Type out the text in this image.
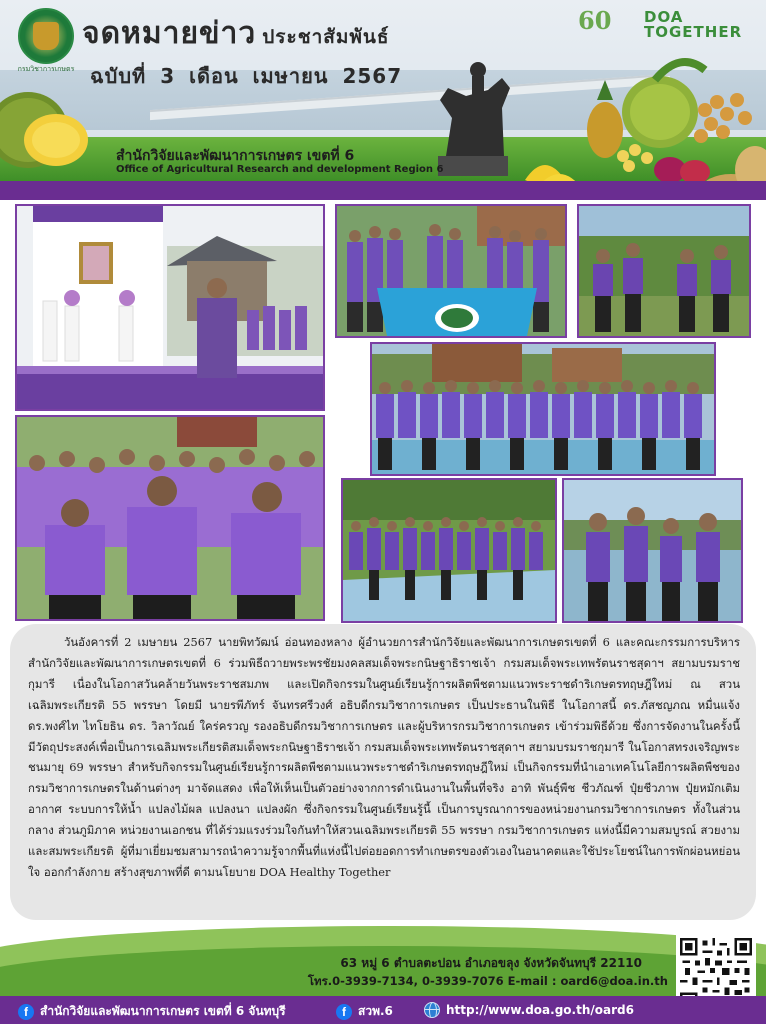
กรมวิชาการเกษตร
จดหมายข่าว ประชาสัมพันธ์
ฉบับที่ 3 เดือน เมษายน 2567
60	DOA
TOGETHER
สำนักวิจัยและพัฒนาการเกษตร เขตที่ 6
Office of Agricultural Research and development Region 6

วันอังคารที่ 2 เมษายน 2567 นายพิทวัฒน์ อ่อนทองหลาง ผู้อำนวยการสำนักวิจัยและพัฒนาการเกษตรเขตที่ 6 และคณะกรรมการบริหารสำนักวิจัยและพัฒนาการเกษตรเขตที่ 6 ร่วมพิธีถวายพระพรชัยมงคลสมเด็จพระกนิษฐาธิราชเจ้า กรมสมเด็จพระเทพรัตนราชสุดาฯ สยามบรมราชกุมารี เนื่องในโอกาสวันคล้ายวันพระราชสมภพ และเปิดกิจกรรมในศูนย์เรียนรู้การผลิตพืชตามแนวพระราชดำริเกษตรทฤษฎีใหม่ ณ สวนเฉลิมพระเกียรติ 55 พรรษา โดยมี นายรพีภัทร์ จันทรศรีวงศ์ อธิบดีกรมวิชาการเกษตร เป็นประธานในพิธี ในโอกาสนี้ ดร.ภัสชญภณ หมื่นแจ้ง ดร.พงศ์ไท ไทโยธิน ดร. วิลาวัณย์ ใคร่ครวญ รองอธิบดีกรมวิชาการเกษตร และผู้บริหารกรมวิชาการเกษตร เข้าร่วมพิธีด้วย ซึ่งการจัดงานในครั้งนี้ มีวัตถุประสงค์เพื่อเป็นการเฉลิมพระเกียรติสมเด็จพระกนิษฐาธิราชเจ้า กรมสมเด็จพระเทพรัตนราชสุดาฯ สยามบรมราชกุมารี ในโอกาสทรงเจริญพระชนมายุ 69 พรรษา สำหรับกิจกรรมในศูนย์เรียนรู้การผลิตพืชตามแนวพระราชดำริเกษตรทฤษฎีใหม่ เป็นกิจกรรมที่นำเอาเทคโนโลยีการผลิตพืชของกรมวิชาการเกษตรในด้านต่างๆ มาจัดแสดง เพื่อให้เห็นเป็นตัวอย่างจากการดำเนินงานในพื้นที่จริง อาทิ พันธุ์พืช ชีวภัณฑ์ ปุ๋ยชีวภาพ ปุ๋ยหมักเติมอากาศ ระบบการให้น้ำ แปลงไม้ผล แปลงนา แปลงผัก ซึ่งกิจกรรมในศูนย์เรียนรู้นี้ เป็นการบูรณาการของหน่วยงานกรมวิชาการเกษตร ทั้งในส่วนกลาง ส่วนภูมิภาค หน่วยงานเอกชน ที่ได้ร่วมแรงร่วมใจกันทำให้สวนเฉลิมพระเกียรติ 55 พรรษา กรมวิชาการเกษตร แห่งนี้มีความสมบูรณ์ สวยงาม และสมพระเกียรติ ผู้ที่มาเยี่ยมชมสามารถนำความรู้จากพื้นที่แห่งนี้ไปต่อยอดการทำเกษตรของตัวเองในอนาคตและใช้ประโยชน์ในการพักผ่อนหย่อนใจ ออกกำลังกาย สร้างสุขภาพที่ดี ตามนโยบาย DOA Healthy Together

63 หมู่ 6 ตำบลตะปอน อำเภอขลุง จังหวัดจันทบุรี 22110
โทร.0-3939-7134, 0-3939-7076 E-mail : oard6@doa.in.th
f	สำนักวิจัยและพัฒนาการเกษตร เขตที่ 6 จันทบุรี	f	สวพ.6	http://www.doa.go.th/oard6
